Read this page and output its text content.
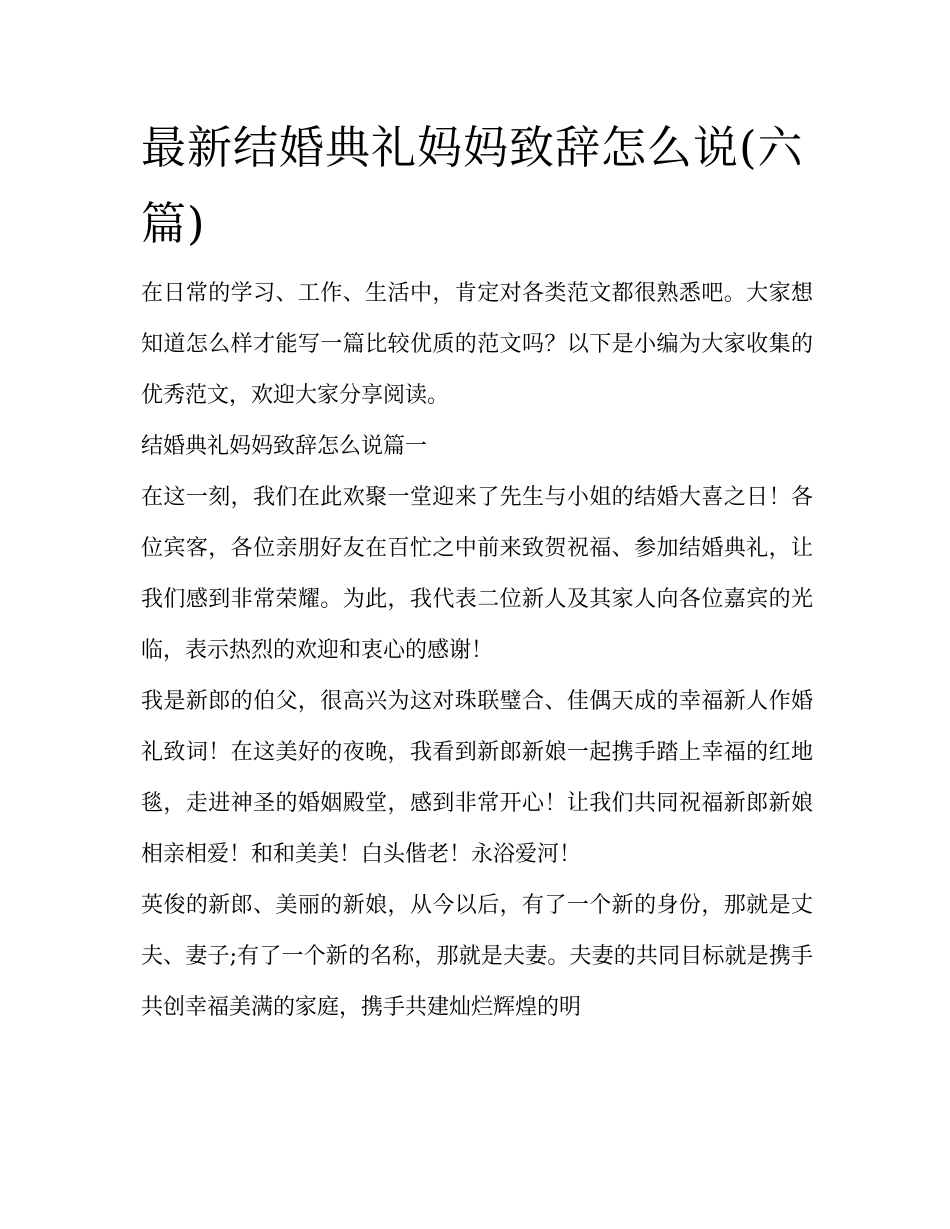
最新结婚典礼妈妈致辞怎么说(六篇)

在日常的学习、工作、生活中，肯定对各类范文都很熟悉吧。大家想知道怎么样才能写一篇比较优质的范文吗？以下是小编为大家收集的优秀范文，欢迎大家分享阅读。

结婚典礼妈妈致辞怎么说篇一

在这一刻，我们在此欢聚一堂迎来了先生与小姐的结婚大喜之日！各位宾客，各位亲朋好友在百忙之中前来致贺祝福、参加结婚典礼，让我们感到非常荣耀。为此，我代表二位新人及其家人向各位嘉宾的光临，表示热烈的欢迎和衷心的感谢！

我是新郎的伯父，很高兴为这对珠联璧合、佳偶天成的幸福新人作婚礼致词！在这美好的夜晚，我看到新郎新娘一起携手踏上幸福的红地毯，走进神圣的婚姻殿堂，感到非常开心！让我们共同祝福新郎新娘相亲相爱！和和美美！白头偕老！永浴爱河！

英俊的新郎、美丽的新娘，从今以后，有了一个新的身份，那就是丈夫、妻子;有了一个新的名称，那就是夫妻。夫妻的共同目标就是携手共创幸福美满的家庭，携手共建灿烂辉煌的明
